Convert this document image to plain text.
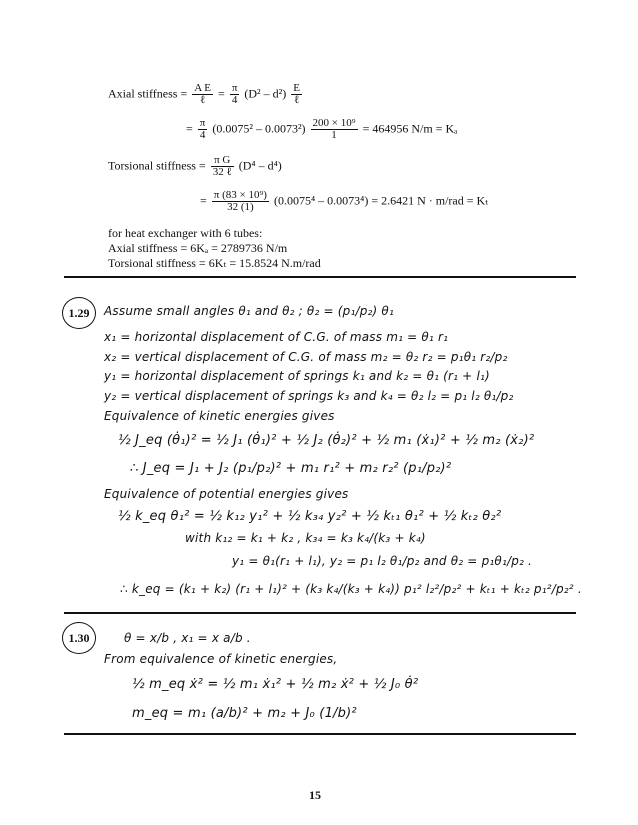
Axial stiffness = $\frac{\text{A E}}{\text{ℓ}} = \frac{\pi}{4} (D^2 - d^2) \frac{E}{\text{ℓ}}$
= $\frac{\pi}{4} (0.0075^2 - 0.0073^2) \frac{\text{200 × 10⁹}}{1} = 464956$ N/m = Kₐ
Torsional stiffness = $\frac{\text{π G}}{\text{32 ℓ}} (D^4 - d^4)$
= $\frac{\text{π (83 × 10⁹)}}{32 (1)} (0.0075^4 - 0.0073^4) = 2.6421$ N · m/rad = Kₜ
for heat exchanger with 6 tubes:
Axial stiffness = 6Kₐ = 2789736 N/m
Torsional stiffness = 6Kₜ = 15.8524 N.m/rad
1.29 Assume small angles θ₁ and θ₂ ; θ₂ = (p₁/p₂) θ₁
x₁ = horizontal displacement of C.G. of mass m₁ = θ₁ r₁
x₂ = vertical displacement of C.G. of mass m₂ = θ₂ r₂ = p₁θ₁ r₂/p₂
y₁ = horizontal displacement of springs k₁ and k₂ = θ₁ (r₁ + l₁)
y₂ = vertical displacement of springs k₃ and k₄ = θ₂ l₂ = p₁ l₂ θ₁/p₂
Equivalence of kinetic energies gives
½ J_eq (θ̇₁)² = ½ J₁ (θ̇₁)² + ½ J₂ (θ̇₂)² + ½ m₁ (ẋ₁)² + ½ m₂ (ẋ₂)²
∴ J_eq = J₁ + J₂ (p₁/p₂)² + m₁ r₁² + m₂ r₂² (p₁/p₂)²
Equivalence of potential energies gives
½ k_eq θ₁² = ½ k₁₂ y₁² + ½ k₃₄ y₂² + ½ kₜ₁ θ₁² + ½ kₜ₂ θ₂²
with k₁₂ = k₁ + k₂ , k₃₄ = k₃ k₄/(k₃ + k₄)
y₁ = θ₁(r₁ + l₁), y₂ = p₁ l₂ θ₁/p₂ and θ₂ = p₁θ₁/p₂ .
∴ k_eq = (k₁ + k₂) (r₁ + l₁)² + (k₃ k₄/(k₃ + k₄)) p₁² l₂²/p₂² + kₜ₁ + kₜ₂ p₁²/p₂² .
1.30	θ = x/b , x₁ = x a/b .
From equivalence of kinetic energies,
½ m_eq ẋ² = ½ m₁ ẋ₁² + ½ m₂ ẋ² + ½ J₀ θ̇²
m_eq = m₁ (a/b)² + m₂ + J₀ (1/b)²
15
